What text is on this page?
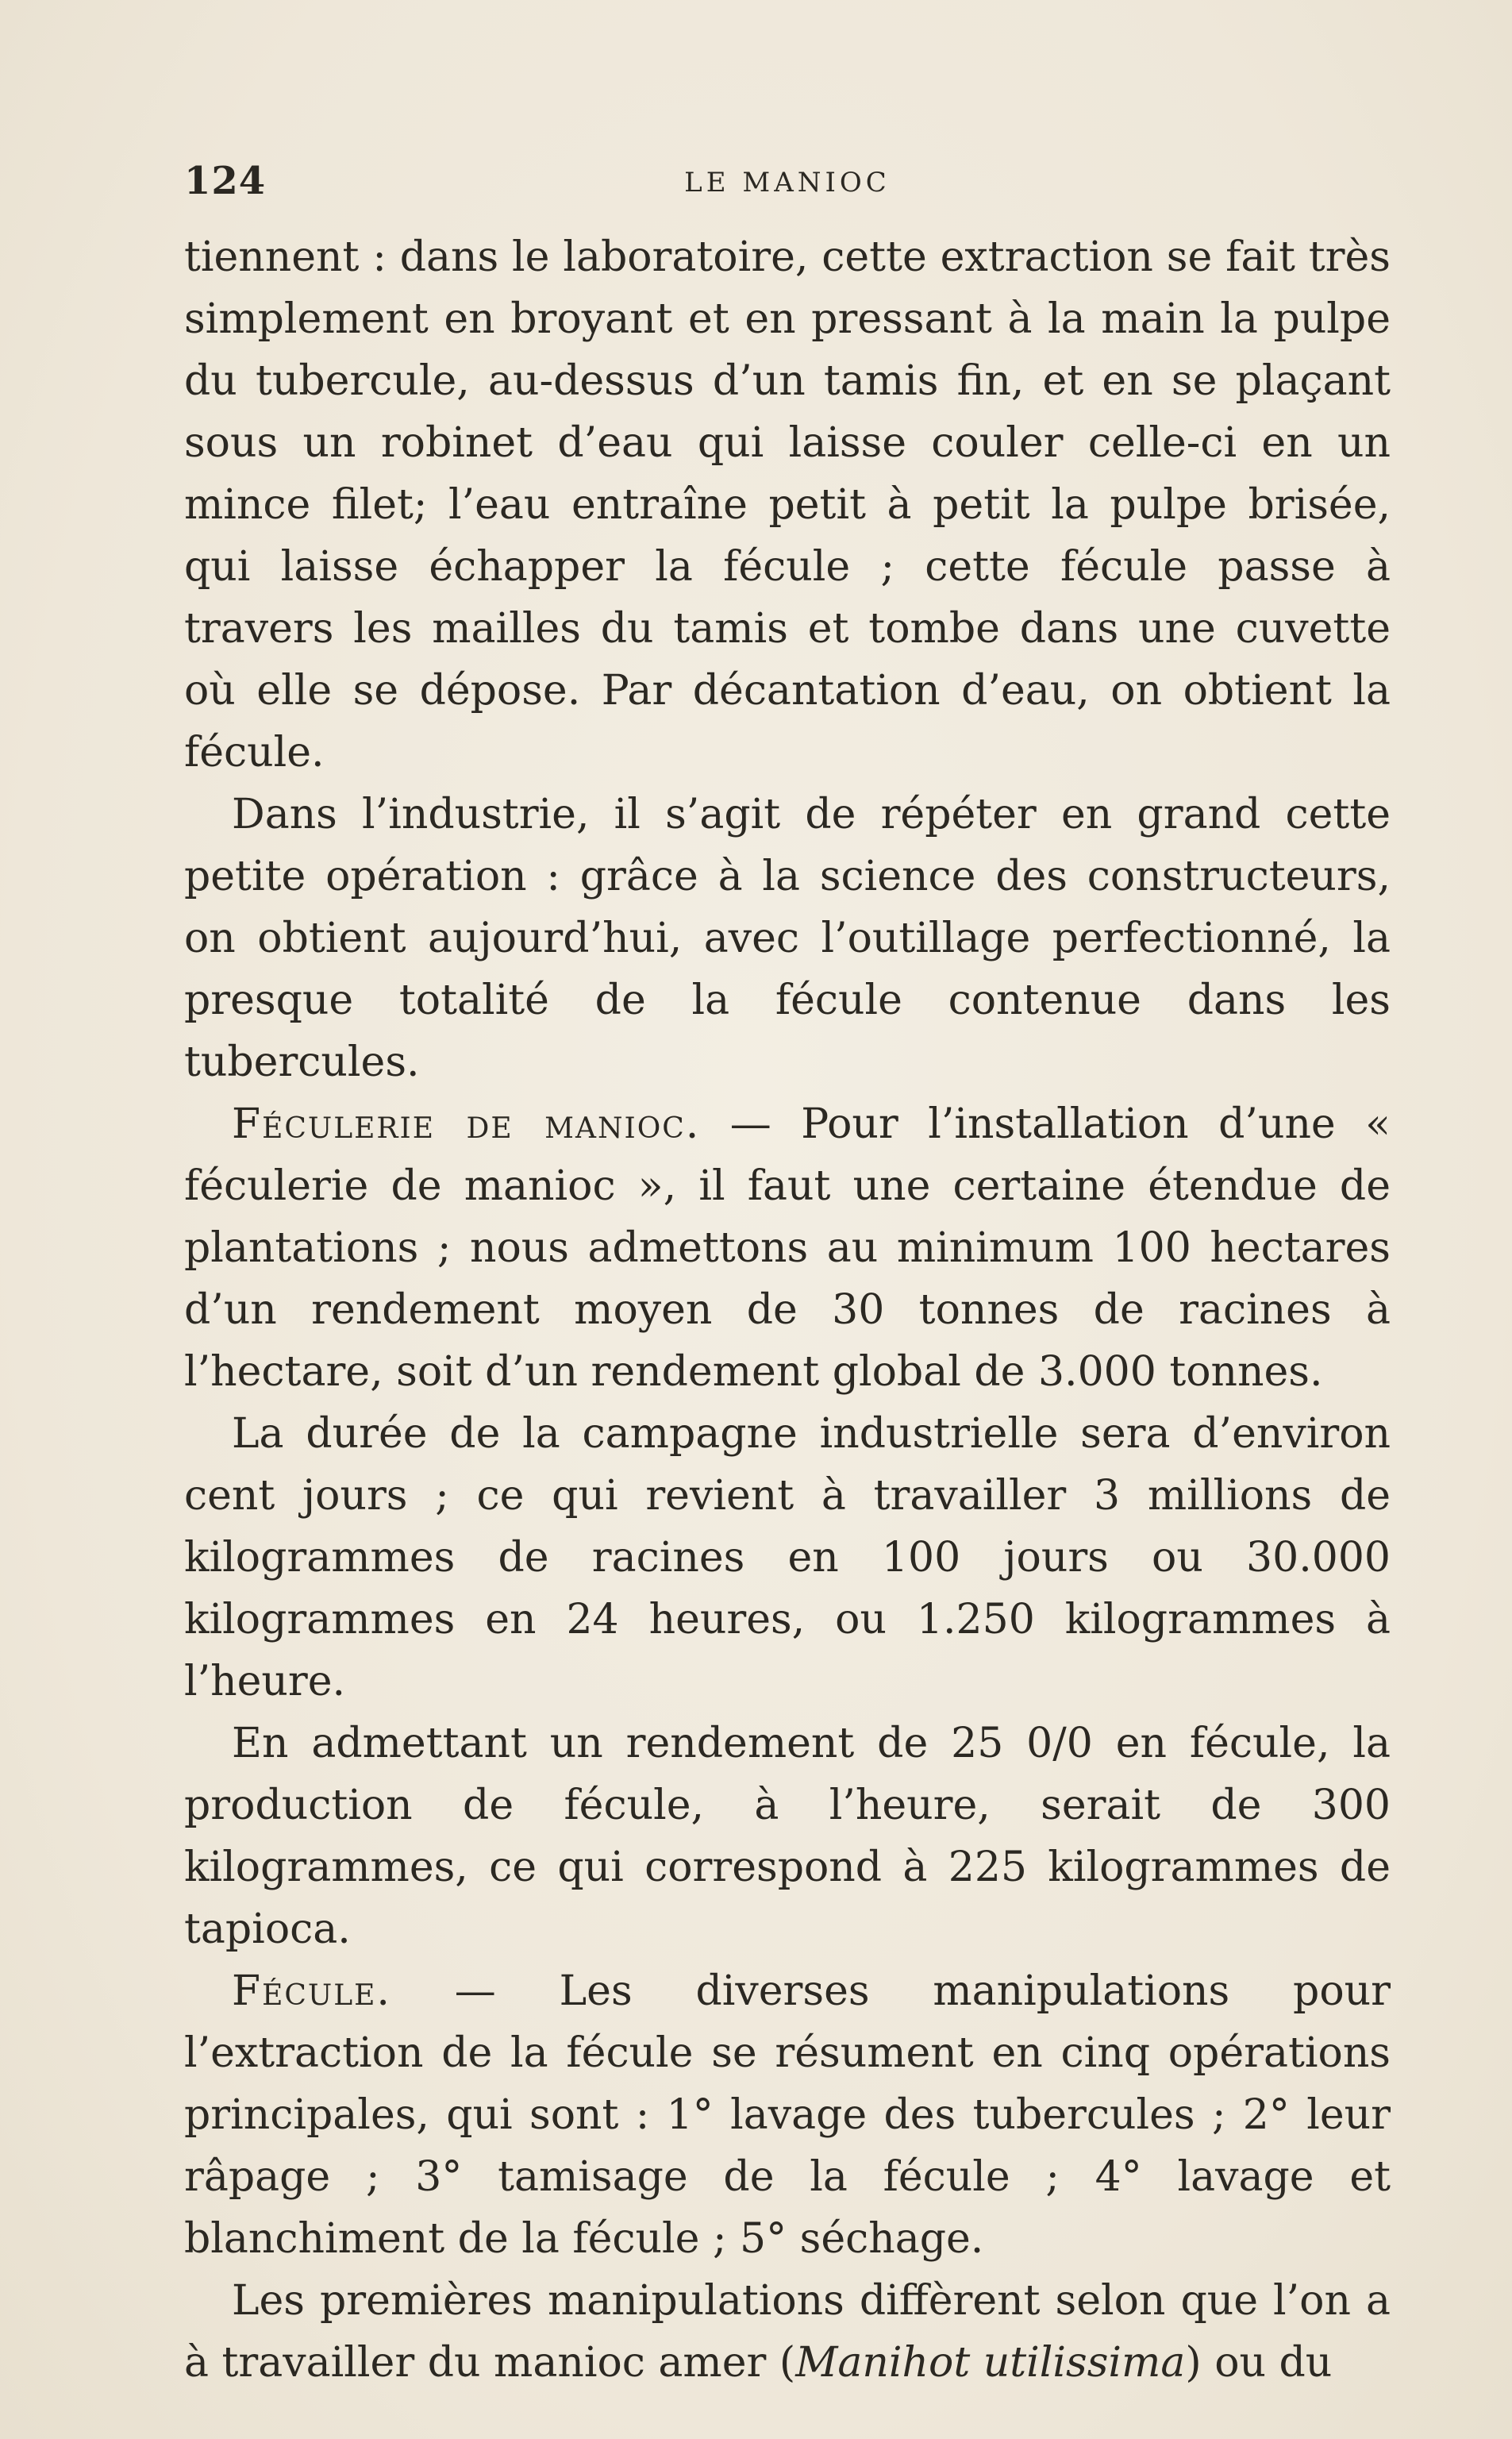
124	LE MANIOC

tiennent : dans le laboratoire, cette extraction se fait très simplement en broyant et en pressant à la main la pulpe du tubercule, au-dessus d’un tamis fin, et en se plaçant sous un robinet d’eau qui laisse couler celle-ci en un mince filet; l’eau entraîne petit à petit la pulpe brisée, qui laisse échapper la fécule ; cette fécule passe à travers les mailles du tamis et tombe dans une cuvette où elle se dépose. Par décantation d’eau, on obtient la fécule.

Dans l’industrie, il s’agit de répéter en grand cette petite opération : grâce à la science des constructeurs, on obtient aujourd’hui, avec l’outillage perfectionné, la presque totalité de la fécule contenue dans les tubercules.

Féculerie de manioc. — Pour l’installation d’une « féculerie de manioc », il faut une certaine étendue de plantations ; nous admettons au minimum 100 hectares d’un rendement moyen de 30 tonnes de racines à l’hectare, soit d’un rendement global de 3.000 tonnes.

La durée de la campagne industrielle sera d’environ cent jours ; ce qui revient à travailler 3 millions de kilogrammes de racines en 100 jours ou 30.000 kilogrammes en 24 heures, ou 1.250 kilogrammes à l’heure.

En admettant un rendement de 25 0/0 en fécule, la production de fécule, à l’heure, serait de 300 kilogrammes, ce qui correspond à 225 kilogrammes de tapioca.

Fécule. — Les diverses manipulations pour l’extraction de la fécule se résument en cinq opérations principales, qui sont : 1° lavage des tubercules ; 2° leur râpage ; 3° tamisage de la fécule ; 4° lavage et blanchiment de la fécule ; 5° séchage.

Les premières manipulations diffèrent selon que l’on a à travailler du manioc amer (Manihot utilissima) ou du
